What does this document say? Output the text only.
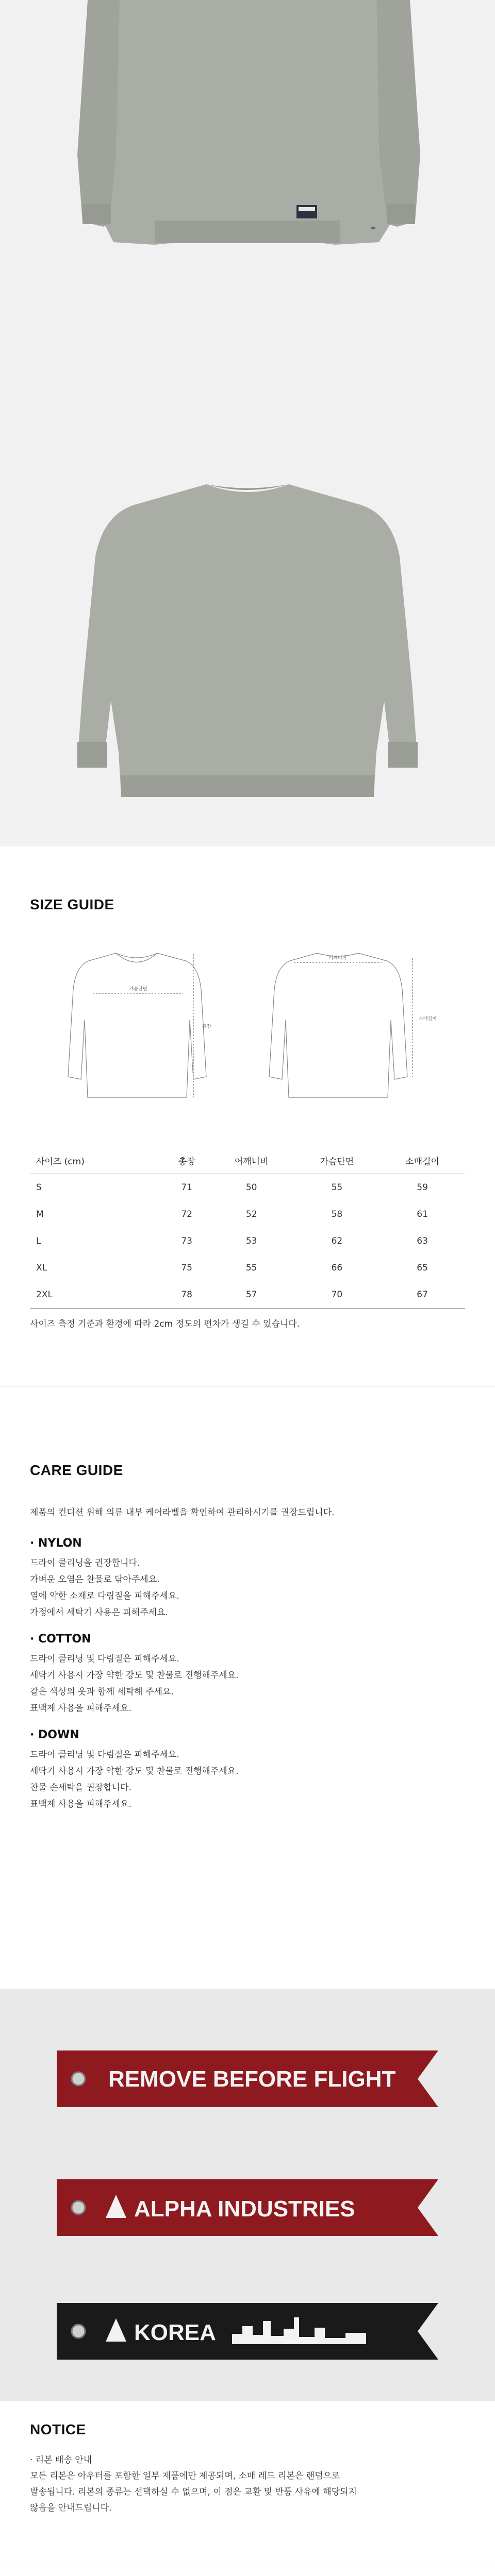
SIZE GUIDE
가슴단면
총장
어깨너비
소매길이
사이즈 (cm)	총장	어깨너비	가슴단면	소매길이
S	71	50	55	59
M	72	52	58	61
L	73	53	62	63
XL	75	55	66	65
2XL	78	57	70	67
사이즈 측정 기준과 환경에 따라 2cm 정도의 편차가 생길 수 있습니다.
CARE GUIDE

제품의 컨디션 위해 의류 내부 케어라벨을 확인하여 관리하시기를 권장드립니다.

· NYLON

드라이 클리닝을 권장합니다.

가벼운 오염은 찬물로 닦아주세요.

열에 약한 소재로 다림질을 피해주세요.

가정에서 세탁기 사용은 피해주세요.

· COTTON

드라이 클리닝 및 다림질은 피해주세요.

세탁기 사용시 가장 약한 강도 및 찬물로 진행해주세요.

같은 색상의 옷과 함께 세탁해 주세요.

표백제 사용을 피해주세요.

· DOWN

드라이 클리닝 및 다림질은 피해주세요.

세탁기 사용시 가장 약한 강도 및 찬물로 진행해주세요.

찬물 손세탁을 권장합니다.

표백제 사용을 피해주세요.

REMOVE BEFORE FLIGHT
ALPHA INDUSTRIES
KOREA
NOTICE

· 리본 배송 안내

모든 리본은 아우터를 포함한 일부 제품에만 제공되며, 소매 레드 리본은 랜덤으로

발송됩니다. 리본의 종류는 선택하실 수 없으며, 이 점은 교환 및 반품 사유에 해당되지

않음을 안내드립니다.
